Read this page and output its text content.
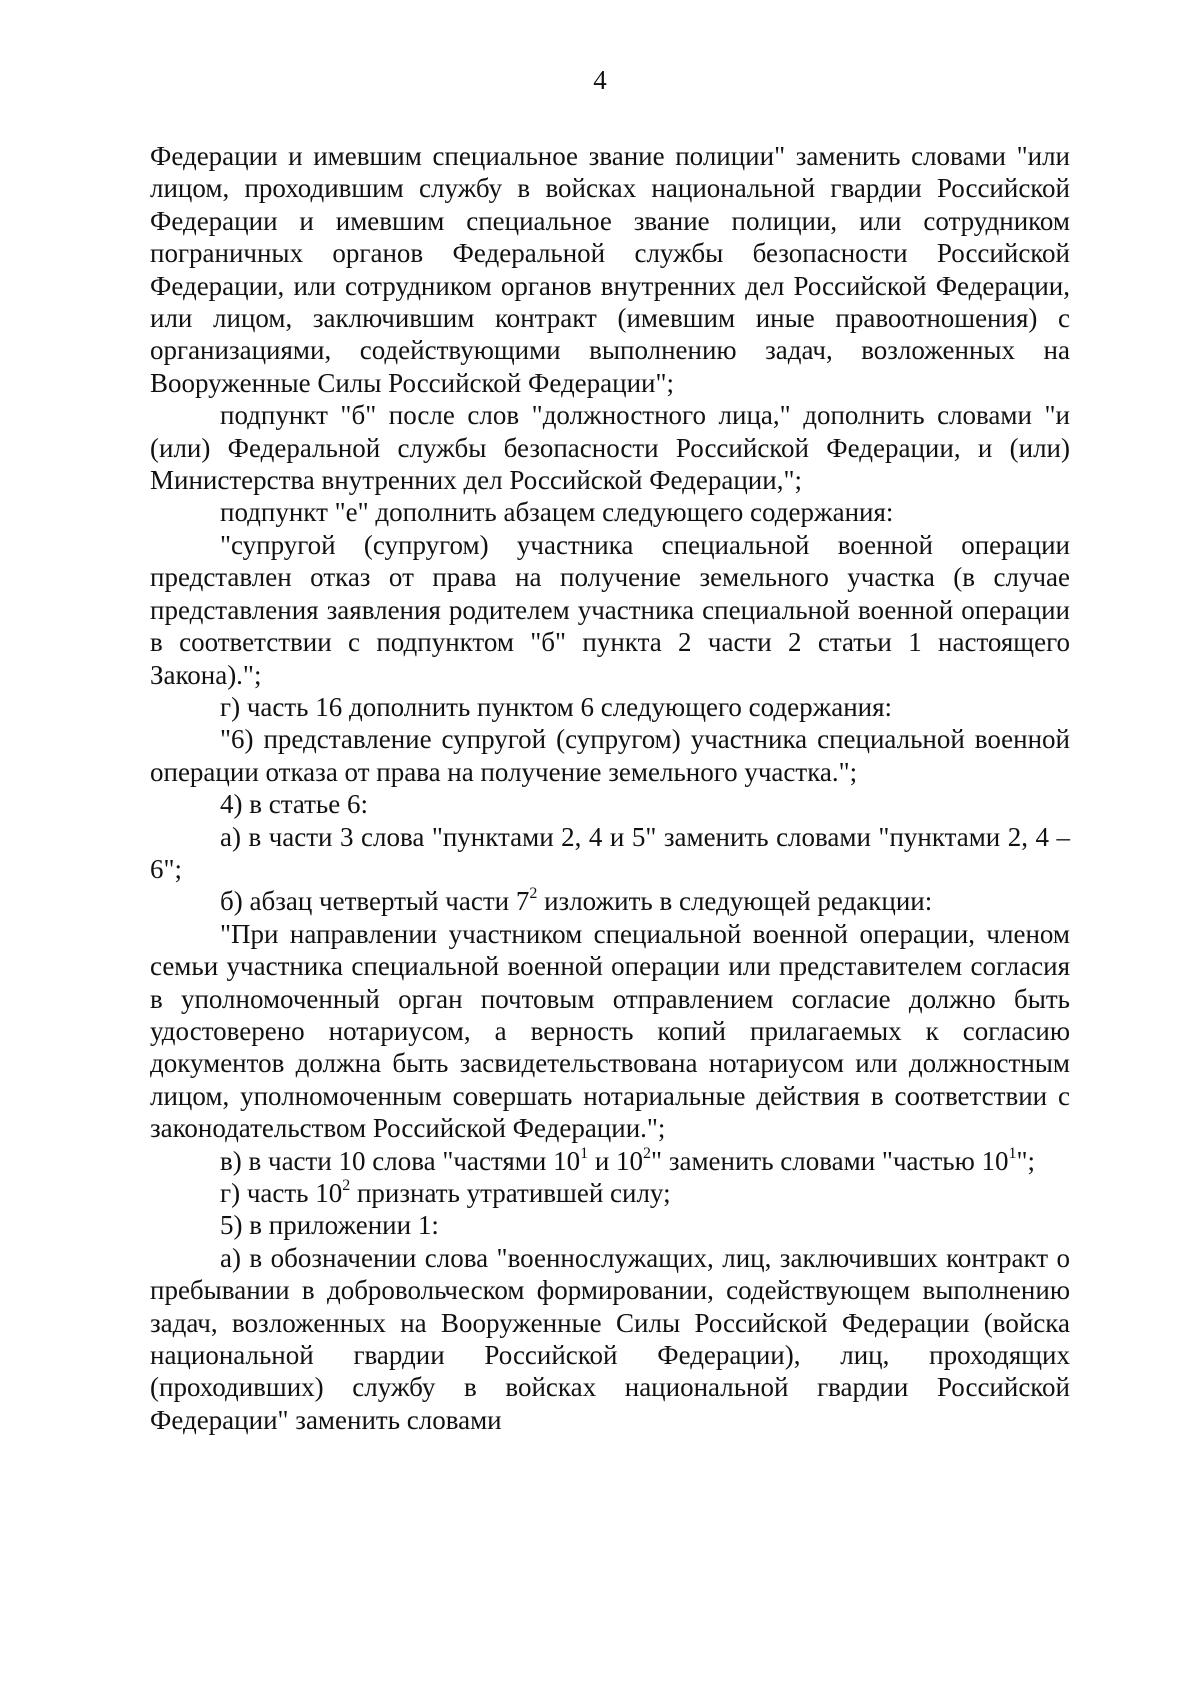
4

Федерации и имевшим специальное звание полиции" заменить словами "или лицом, проходившим службу в войсках национальной гвардии Российской Федерации и имевшим специальное звание полиции, или сотрудником пограничных органов Федеральной службы безопасности Российской Федерации, или сотрудником органов внутренних дел Российской Федерации, или лицом, заключившим контракт (имевшим иные правоотношения) с организациями, содействующими выполнению задач, возложенных на Вооруженные Силы Российской Федерации";

подпункт "б" после слов "должностного лица," дополнить словами "и (или) Федеральной службы безопасности Российской Федерации, и (или) Министерства внутренних дел Российской Федерации,";

подпункт "е" дополнить абзацем следующего содержания:

"супругой (супругом) участника специальной военной операции представлен отказ от права на получение земельного участка (в случае представления заявления родителем участника специальной военной операции в соответствии с подпунктом "б" пункта 2 части 2 статьи 1 настоящего Закона).";

г) часть 16 дополнить пунктом 6 следующего содержания:

"6) представление супругой (супругом) участника специальной военной операции отказа от права на получение земельного участка.";

4) в статье 6:

а) в части 3 слова "пунктами 2, 4 и 5" заменить словами "пунктами 2, 4 – 6";

б) абзац четвертый части $7^2$ изложить в следующей редакции:

"При направлении участником специальной военной операции, членом семьи участника специальной военной операции или представителем согласия в уполномоченный орган почтовым отправлением согласие должно быть удостоверено нотариусом, а верность копий прилагаемых к согласию документов должна быть засвидетельствована нотариусом или должностным лицом, уполномоченным совершать нотариальные действия в соответствии с законодательством Российской Федерации.";

в) в части 10 слова "частями $10^1$ и $10^2$" заменить словами "частью $10^1$";

г) часть $10^2$ признать утратившей силу;

5) в приложении 1:

а) в обозначении слова "военнослужащих, лиц, заключивших контракт о пребывании в добровольческом формировании, содействующем выполнению задач, возложенных на Вооруженные Силы Российской Федерации (войска национальной гвардии Российской Федерации), лиц, проходящих (проходивших) службу в войсках национальной гвардии Российской Федерации" заменить словами
